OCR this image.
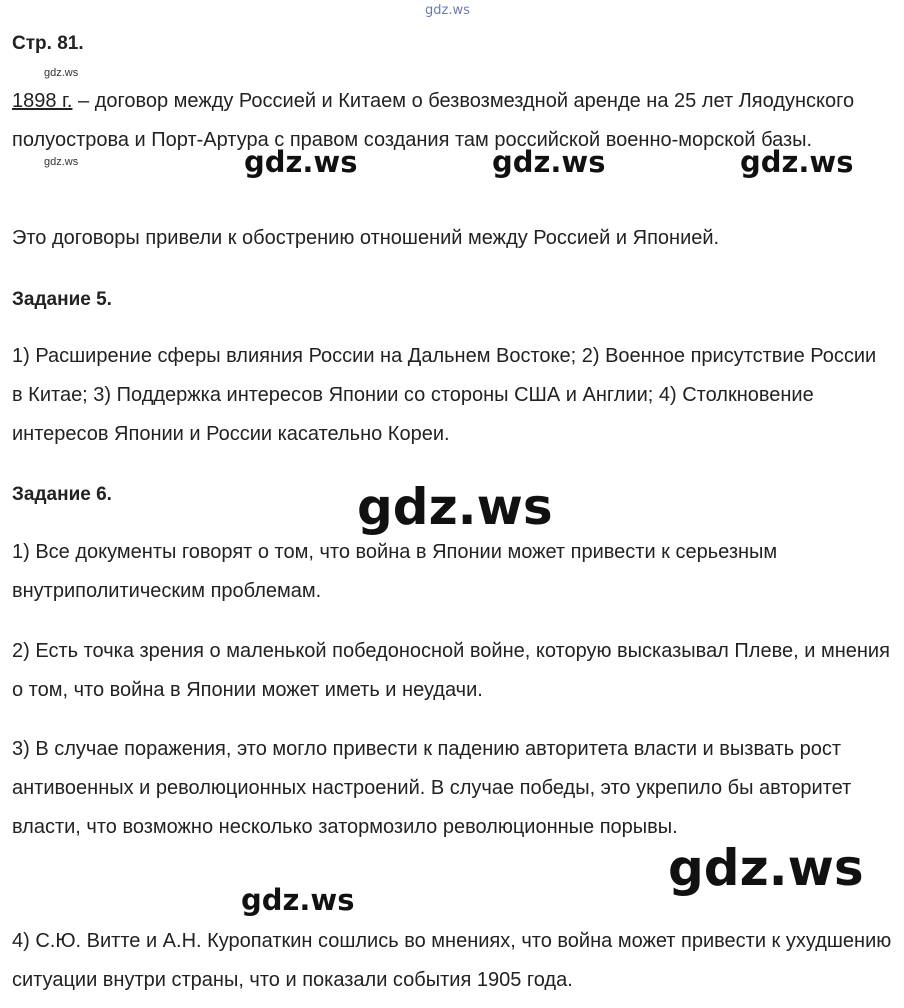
Стр. 81.

1898 г. – договор между Россией и Китаем о безвозмездной аренде на 25 лет Ляодунского полуострова и Порт-Артура с правом создания там российской военно-морской базы.

Это договоры привели к обострению отношений между Россией и Японией.

Задание 5.

1) Расширение сферы влияния России на Дальнем Востоке; 2) Военное присутствие России в Китае; 3) Поддержка интересов Японии со стороны США и Англии; 4) Столкновение интересов Японии и России касательно Кореи.

Задание 6.

1) Все документы говорят о том, что война в Японии может привести к серьезным внутриполитическим проблемам.

2) Есть точка зрения о маленькой победоносной войне, которую высказывал Плеве, и мнения о том, что война в Японии может иметь и неудачи.

3) В случае поражения, это могло привести к падению авторитета власти и вызвать рост антивоенных и революционных настроений. В случае победы, это укрепило бы авторитет власти, что возможно несколько затормозило революционные порывы.

4) С.Ю. Витте и А.Н. Куропаткин сошлись во мнениях, что война может привести к ухудшению ситуации внутри страны, что и показали события 1905 года.

gdz.ws
gdz.ws
gdz.ws	gdz.ws	gdz.ws	gdz.ws
gdz.ws
gdz.ws
gdz.ws
